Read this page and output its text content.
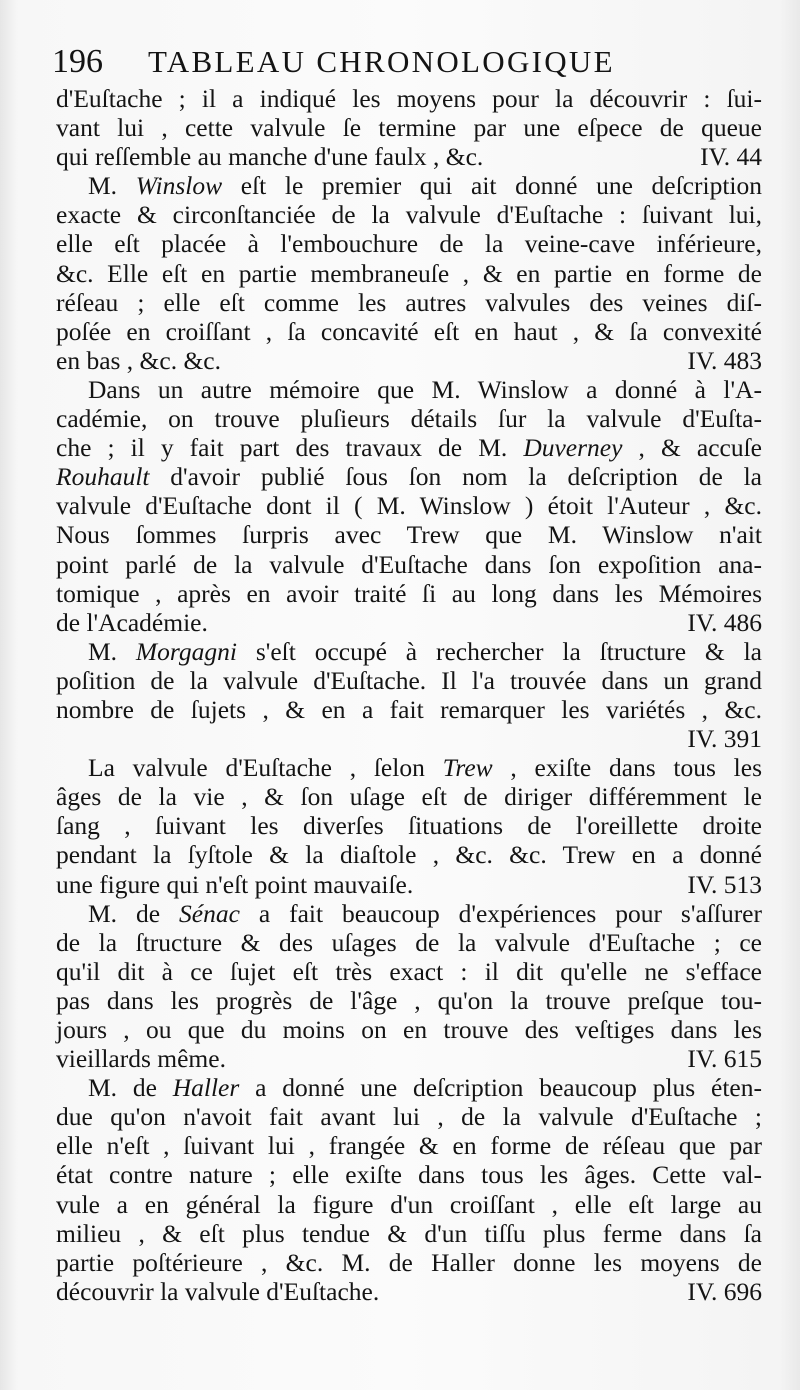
196 TABLEAU CHRONOLOGIQUE
d'Euſtache ; il a indiqué les moyens pour la découvrir : ſui-
vant lui , cette valvule ſe termine par une eſpece de queue
IV. 44
qui reſſemble au manche d'une faulx , &c.
M. Winslow eſt le premier qui ait donné une deſcription
exacte & circonſtanciée de la valvule d'Euſtache : ſuivant lui,
elle eſt placée à l'embouchure de la veine-cave inférieure,
&c. Elle eſt en partie membraneuſe , & en partie en forme de
réſeau ; elle eſt comme les autres valvules des veines diſ-
poſée en croiſſant , ſa concavité eſt en haut , & ſa convexité
IV. 483
en bas , &c. &c.
Dans un autre mémoire que M. Winslow a donné à l'A-
cadémie, on trouve pluſieurs détails ſur la valvule d'Euſta-
che ; il y fait part des travaux de M. Duverney , & accuſe
Rouhault d'avoir publié ſous ſon nom la deſcription de la
valvule d'Euſtache dont il ( M. Winslow ) étoit l'Auteur , &c.
Nous ſommes ſurpris avec Trew que M. Winslow n'ait
point parlé de la valvule d'Euſtache dans ſon expoſition ana-
tomique , après en avoir traité ſi au long dans les Mémoires
IV. 486
de l'Académie.
M. Morgagni s'eſt occupé à rechercher la ſtructure & la
poſition de la valvule d'Euſtache. Il l'a trouvée dans un grand
nombre de ſujets , & en a fait remarquer les variétés , &c.
IV. 391
La valvule d'Euſtache , ſelon Trew , exiſte dans tous les
âges de la vie , & ſon uſage eſt de diriger différemment le
ſang , ſuivant les diverſes ſituations de l'oreillette droite
pendant la ſyſtole & la diaſtole , &c. &c. Trew en a donné
IV. 513
une figure qui n'eſt point mauvaiſe.
M. de Sénac a fait beaucoup d'expériences pour s'aſſurer
de la ſtructure & des uſages de la valvule d'Euſtache ; ce
qu'il dit à ce ſujet eſt très exact : il dit qu'elle ne s'efface
pas dans les progrès de l'âge , qu'on la trouve preſque tou-
jours , ou que du moins on en trouve des veſtiges dans les
IV. 615
vieillards même.
M. de Haller a donné une deſcription beaucoup plus éten-
due qu'on n'avoit fait avant lui , de la valvule d'Euſtache ;
elle n'eſt , ſuivant lui , frangée & en forme de réſeau que par
état contre nature ; elle exiſte dans tous les âges. Cette val-
vule a en général la figure d'un croiſſant , elle eſt large au
milieu , & eſt plus tendue & d'un tiſſu plus ferme dans ſa
partie poſtérieure , &c. M. de Haller donne les moyens de
IV. 696
découvrir la valvule d'Euſtache.
